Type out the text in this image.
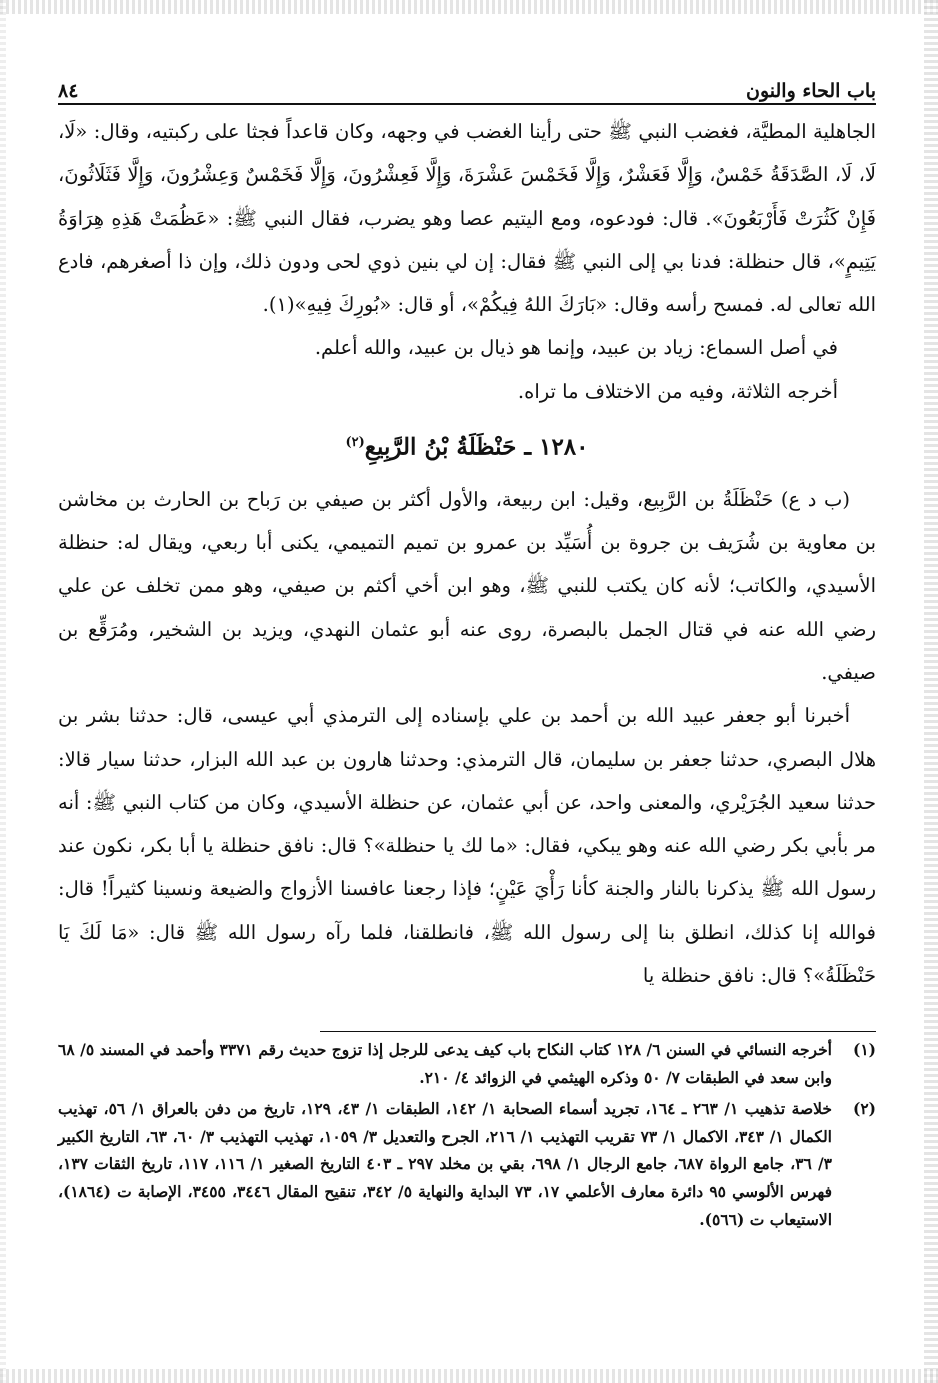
باب الحاء والنون
٨٤

الجاهلية المطيَّة، فغضب النبي ﷺ حتى رأينا الغضب في وجهه، وكان قاعداً فجثا على ركبتيه، وقال: «لَا، لَا، لَا، الصَّدَقَةُ خَمْسٌ، وَإِلَّا فَعَشْرٌ، وَإِلَّا فَخَمْسَ عَشْرَةَ، وَإِلَّا فَعِشْرُونَ، وَإِلَّا فَخَمْسٌ وَعِشْرُونَ، وَإِلَّا فَثَلَاثُونَ، فَإِنْ كَثُرَتْ فَأَرْبَعُونَ». قال: فودعوه، ومع اليتيم عصا وهو يضرب، فقال النبي ﷺ: «عَظُمَتْ هَذِهِ هِرَاوَةُ يَتِيمٍ»، قال حنظلة: فدنا بي إلى النبي ﷺ فقال: إن لي بنين ذوي لحى ودون ذلك، وإن ذا أصغرهم، فادع الله تعالى له. فمسح رأسه وقال: «بَارَكَ اللهُ فِيكُمْ»، أو قال: «بُورِكَ فِيهِ»(١).

في أصل السماع: زياد بن عبيد، وإنما هو ذيال بن عبيد، والله أعلم.

أخرجه الثلاثة، وفيه من الاختلاف ما تراه.

١٢٨٠ ـ حَنْظَلَةُ بْنُ الرَّبِيعِ$^{(٢)}$

(ب د ع) حَنْظَلَةُ بن الرَّبِيع، وقيل: ابن ربيعة، والأول أكثر بن صيفي بن رَباح بن الحارث بن مخاشن بن معاوية بن شُرَيف بن جروة بن أُسَيِّد بن عمرو بن تميم التميمي، يكنى أبا ربعي، ويقال له: حنظلة الأسيدي، والكاتب؛ لأنه كان يكتب للنبي ﷺ، وهو ابن أخي أكثم بن صيفي، وهو ممن تخلف عن علي رضي الله عنه في قتال الجمل بالبصرة، روى عنه أبو عثمان النهدي، ويزيد بن الشخير، ومُرَقِّع بن صيفي.

أخبرنا أبو جعفر عبيد الله بن أحمد بن علي بإسناده إلى الترمذي أبي عيسى، قال: حدثنا بشر بن هلال البصري، حدثنا جعفر بن سليمان، قال الترمذي: وحدثنا هارون بن عبد الله البزار، حدثنا سيار قالا: حدثنا سعيد الجُرَيْري، والمعنى واحد، عن أبي عثمان، عن حنظلة الأسيدي، وكان من كتاب النبي ﷺ: أنه مر بأبي بكر رضي الله عنه وهو يبكي، فقال: «ما لك يا حنظلة»؟ قال: نافق حنظلة يا أبا بكر، نكون عند رسول الله ﷺ يذكرنا بالنار والجنة كأنا رَأْيَ عَيْنٍ؛ فإذا رجعنا عافسنا الأزواج والضيعة ونسينا كثيراً! قال: فوالله إنا كذلك، انطلق بنا إلى رسول الله ﷺ، فانطلقنا، فلما رآه رسول الله ﷺ قال: «مَا لَكَ يَا حَنْظَلَةُ»؟ قال: نافق حنظلة يا

(١)أخرجه النسائي في السنن ٦/ ١٢٨ كتاب النكاح باب كيف يدعى للرجل إذا تزوج حديث رقم ٣٣٧١ وأحمد في المسند ٥/ ٦٨ وابن سعد في الطبقات ٧/ ٥٠ وذكره الهيثمي في الزوائد ٤/ ٢١٠.

(٢)خلاصة تذهيب ١/ ٢٦٣ ـ ١٦٤، تجريد أسماء الصحابة ١/ ١٤٢، الطبقات ١/ ٤٣، ١٢٩، تاريخ من دفن بالعراق ١/ ٥٦، تهذيب الكمال ١/ ٣٤٣، الاكمال ١/ ٧٣ تقريب التهذيب ١/ ٢١٦، الجرح والتعديل ٣/ ١٠٥٩، تهذيب التهذيب ٣/ ٦٠، ٦٣، التاريخ الكبير ٣/ ٣٦، جامع الرواة ٦٨٧، جامع الرجال ١/ ٦٩٨، بقي بن مخلد ٢٩٧ ـ ٤٠٣ التاريخ الصغير ١/ ١١٦، ١١٧، تاريخ الثقات ١٣٧، فهرس الألوسي ٩٥ دائرة معارف الأعلمي ١٧، ٧٣ البداية والنهاية ٥/ ٣٤٢، تنقيح المقال ٣٤٤٦، ٣٤٥٥، الإصابة ت (١٨٦٤)، الاستيعاب ت (٥٦٦).
